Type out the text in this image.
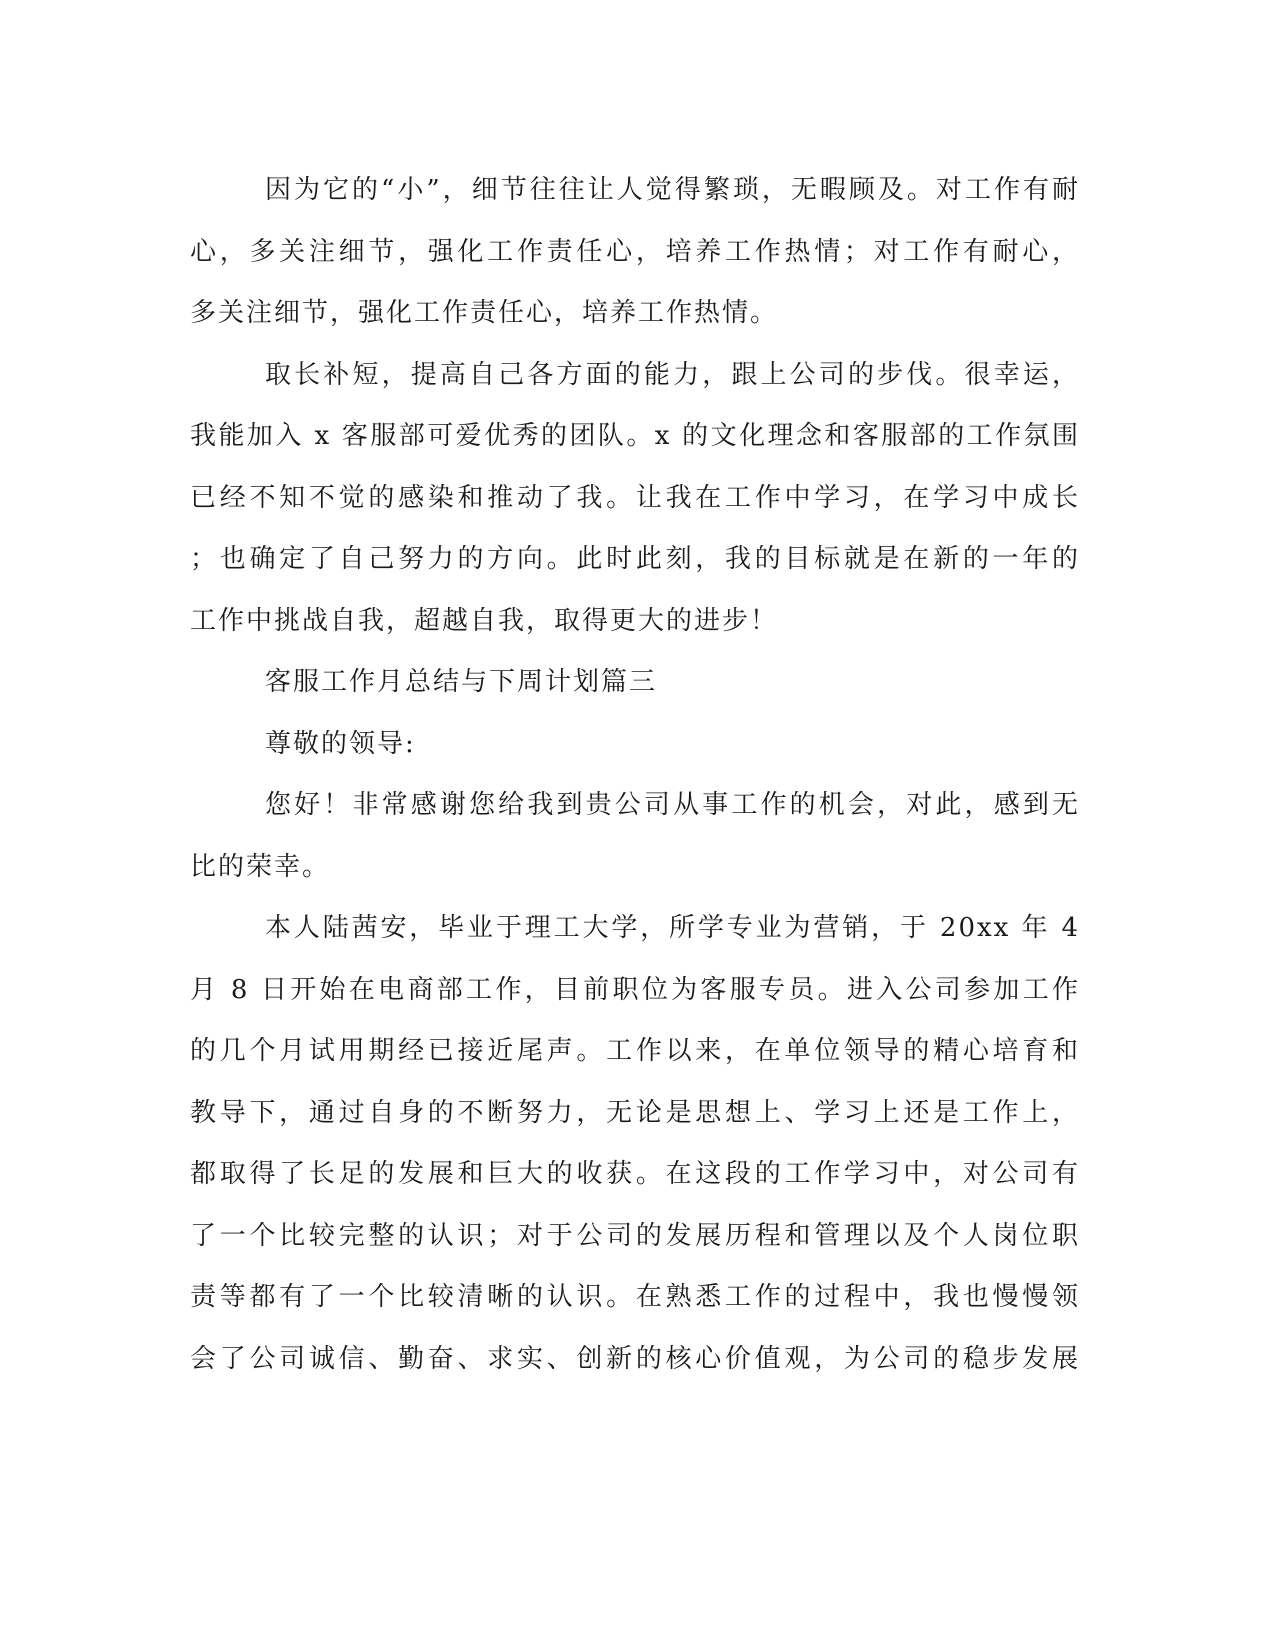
因为它的“小”，细节往往让人觉得繁琐，无暇顾及。对工作有耐
心，多关注细节，强化工作责任心，培养工作热情；对工作有耐心，
多关注细节，强化工作责任心，培养工作热情。
取长补短，提高自己各方面的能力，跟上公司的步伐。很幸运，
我能加入 x 客服部可爱优秀的团队。x 的文化理念和客服部的工作氛围
已经不知不觉的感染和推动了我。让我在工作中学习，在学习中成长
；也确定了自己努力的方向。此时此刻，我的目标就是在新的一年的
工作中挑战自我，超越自我，取得更大的进步！
客服工作月总结与下周计划篇三
尊敬的领导:
您好！非常感谢您给我到贵公司从事工作的机会，对此，感到无
比的荣幸。
本人陆茜安，毕业于理工大学，所学专业为营销，于 20xx 年 4
月 8 日开始在电商部工作，目前职位为客服专员。进入公司参加工作
的几个月试用期经已接近尾声。工作以来，在单位领导的精心培育和
教导下，通过自身的不断努力，无论是思想上、学习上还是工作上，
都取得了长足的发展和巨大的收获。在这段的工作学习中，对公司有
了一个比较完整的认识；对于公司的发展历程和管理以及个人岗位职
责等都有了一个比较清晰的认识。在熟悉工作的过程中，我也慢慢领
会了公司诚信、勤奋、求实、创新的核心价值观，为公司的稳步发展
